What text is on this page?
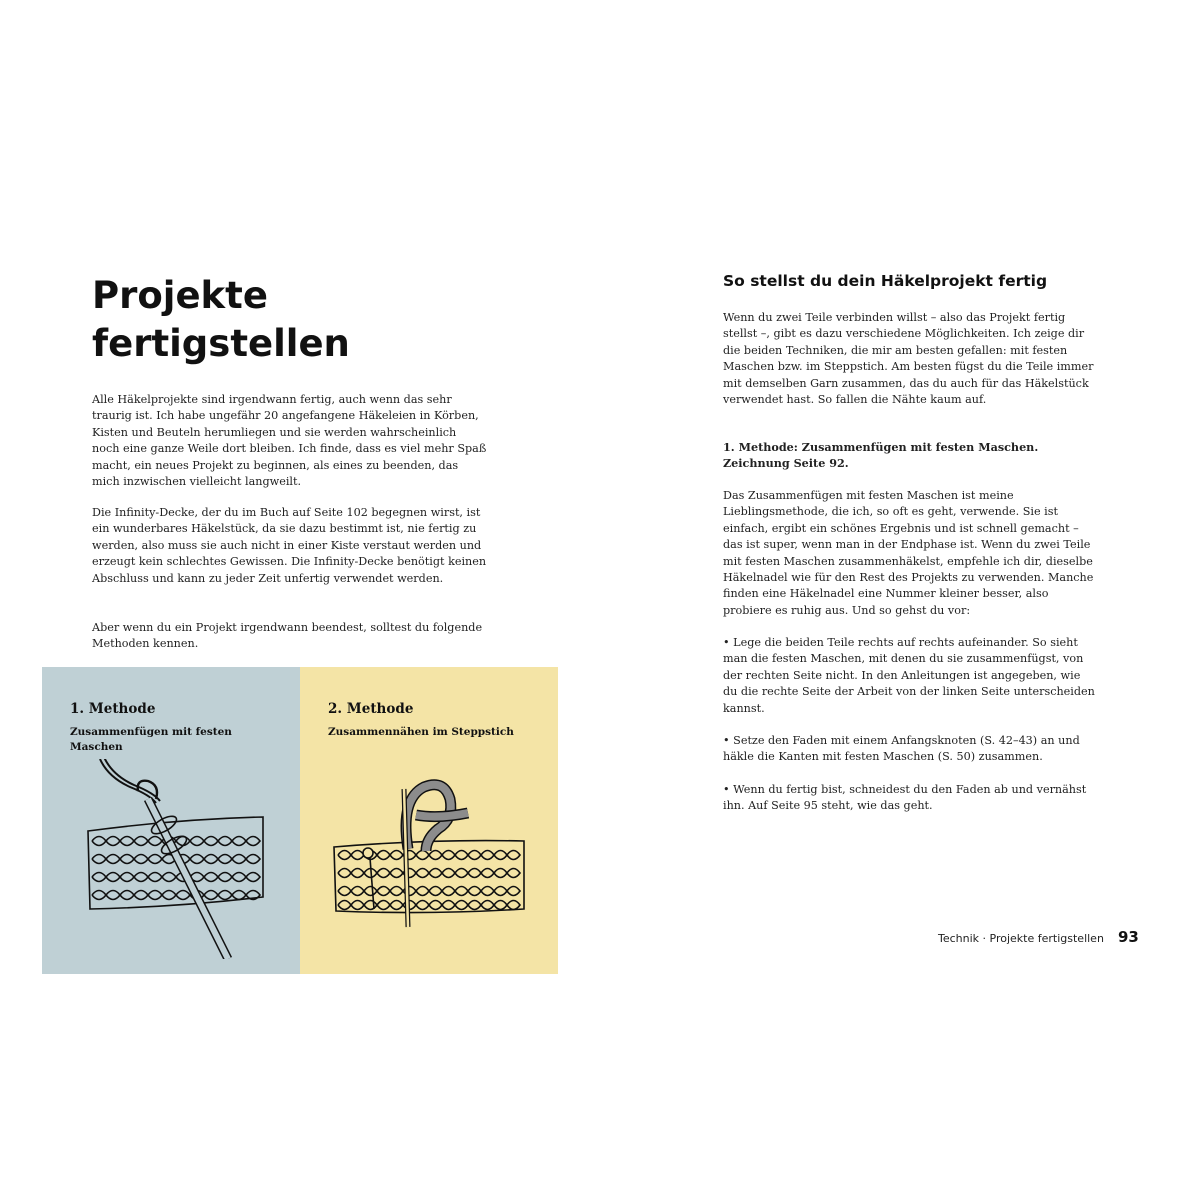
Projekte
fertigstellen

Alle Häkelprojekte sind irgendwann fertig, auch wenn das sehr traurig ist. Ich habe ungefähr 20 angefangene Häkeleien in Körben, Kisten und Beuteln herumliegen und sie werden wahrscheinlich noch eine ganze Weile dort bleiben. Ich finde, dass es viel mehr Spaß macht, ein neues Projekt zu beginnen, als eines zu beenden, das mich inzwischen vielleicht langweilt.

Die Infinity-Decke, der du im Buch auf Seite 102 begegnen wirst, ist ein wunderbares Häkelstück, da sie dazu bestimmt ist, nie fertig zu werden, also muss sie auch nicht in einer Kiste verstaut werden und erzeugt kein schlechtes Gewissen. Die Infinity-Decke benötigt keinen Abschluss und kann zu jeder Zeit unfertig verwendet werden.

Aber wenn du ein Projekt irgendwann beendest, solltest du folgende Methoden kennen.

1. Methode

Zusammenfügen mit festen Maschen

2. Methode

Zusammennähen im Steppstich

So stellst du dein Häkelprojekt fertig

Wenn du zwei Teile verbinden willst – also das Projekt fertig stellst –, gibt es dazu verschiedene Möglichkeiten. Ich zeige dir die beiden Techniken, die mir am besten gefallen: mit festen Maschen bzw. im Steppstich. Am besten fügst du die Teile immer mit demselben Garn zusammen, das du auch für das Häkelstück verwendet hast. So fallen die Nähte kaum auf.

1. Methode: Zusammenfügen mit festen Maschen.
Zeichnung Seite 92.

Das Zusammenfügen mit festen Maschen ist meine Lieblingsmethode, die ich, so oft es geht, verwende. Sie ist einfach, ergibt ein schönes Ergebnis und ist schnell gemacht – das ist super, wenn man in der Endphase ist. Wenn du zwei Teile mit festen Maschen zusammenhäkelst, empfehle ich dir, dieselbe Häkelnadel wie für den Rest des Projekts zu verwenden. Manche finden eine Häkelnadel eine Nummer kleiner besser, also probiere es ruhig aus. Und so gehst du vor:

• Lege die beiden Teile rechts auf rechts aufeinander. So sieht man die festen Maschen, mit denen du sie zusammenfügst, von der rechten Seite nicht. In den Anleitungen ist angegeben, wie du die rechte Seite der Arbeit von der linken Seite unterscheiden kannst.

• Setze den Faden mit einem Anfangsknoten (S. 42–43) an und häkle die Kanten mit festen Maschen (S. 50) zusammen.

• Wenn du fertig bist, schneidest du den Faden ab und vernähst ihn. Auf Seite 95 steht, wie das geht.

Technik · Projekte fertigstellen 93
